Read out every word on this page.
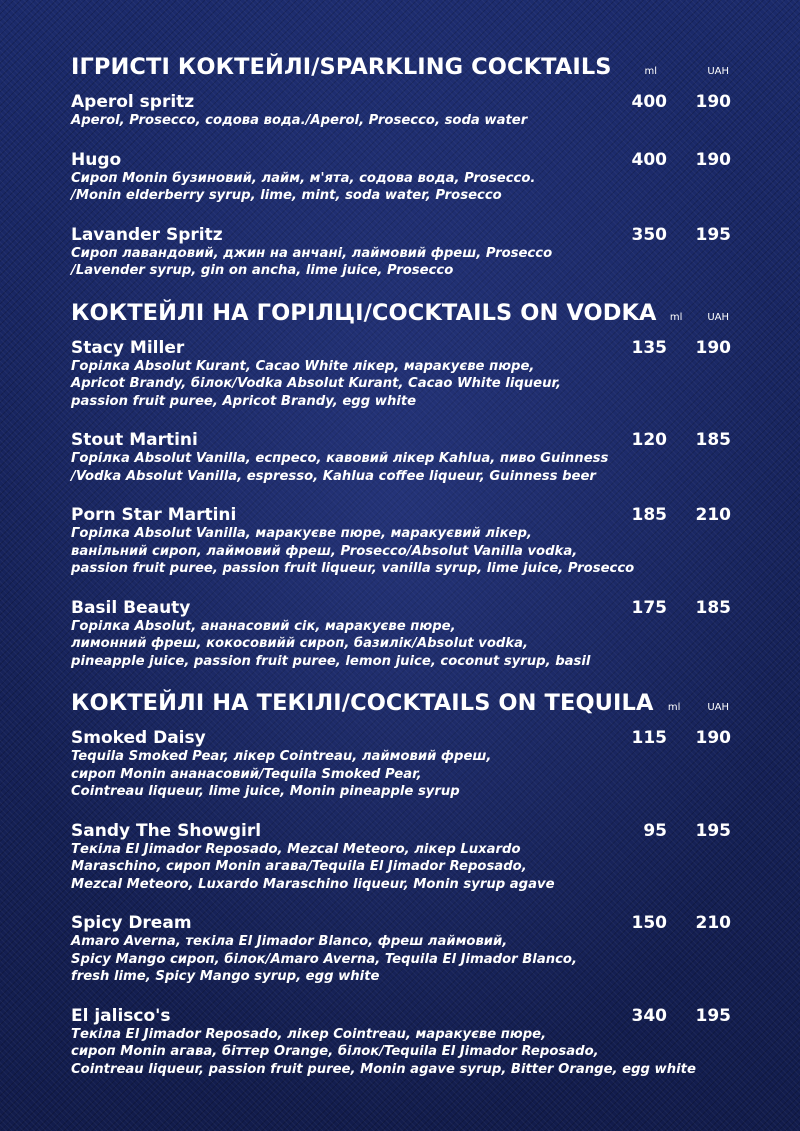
ІГРИСТІ КОКТЕЙЛІ/SPARKLING COCKTAILS	ml	UAH
Aperol spritz	400	190
Aperol, Prosecco, содова вода./Aperol, Prosecco, soda water
Hugo	400	190
Сироп Monin бузиновий, лайм, м'ята, содова вода, Prosecco.
/Monin elderberry syrup, lime, mint, soda water, Prosecco
Lavander Spritz	350	195
Сироп лавандовий, джин на анчані, лаймовий фреш, Prosecco
/Lavender syrup, gin on ancha, lime juice, Prosecco
КОКТЕЙЛІ НА ГОРІЛЦІ/COCKTAILS ON VODKA	ml	UAH
Stacy Miller	135	190
Горілка Absolut Kurant, Cacao White лікер, маракуєве пюре,
Apricot Brandy, білок/Vodka Absolut Kurant, Cacao White liqueur,
passion fruit puree, Apricot Brandy, egg white
Stout Martini	120	185
Горілка Absolut Vanilla, еспресо, кавовий лікер Kahlua, пиво Guinness
/Vodka Absolut Vanilla, espresso, Kahlua coffee liqueur, Guinness beer
Porn Star Martini	185	210
Горілка Absolut Vanilla, маракуєве пюре, маракуєвий лікер,
ванільний сироп, лаймовий фреш, Prosecco/Absolut Vanilla vodka,
passion fruit puree, passion fruit liqueur, vanilla syrup, lime juice, Prosecco
Basil Beauty	175	185
Горілка Absolut, ананасовий сік, маракуєве пюре,
лимонний фреш, кокосовийй сироп, базилік/Absolut vodka,
pineapple juice, passion fruit puree, lemon juice, coconut syrup, basil
КОКТЕЙЛІ НА ТЕКІЛІ/COCKTAILS ON TEQUILA	ml	UAH
Smoked Daisy	115	190
Tequila Smoked Pear, лікер Cointreau, лаймовий фреш,
сироп Monin ананасовий/Tequila Smoked Pear,
Cointreau liqueur, lime juice, Monin pineapple syrup
Sandy The Showgirl	95	195
Текіла El Jimador Reposado, Mezcal Meteoro, лікер Luxardo
Maraschino, сироп Monin агава/Tequila El Jimador Reposado,
Mezcal Meteoro, Luxardo Maraschino liqueur, Monin syrup agave
Spicy Dream	150	210
Amaro Averna, текіла El Jimador Blanco, фреш лаймовий,
Spicy Mango сироп, білок/Amaro Averna, Tequila El Jimador Blanco,
fresh lime, Spicy Mango syrup, egg white
El jalisco's	340	195
Текіла El Jimador Reposado, лікер Cointreau, маракуєве пюре,
сироп Monin агава, біттер Orange, білок/Tequila El Jimador Reposado,
Cointreau liqueur, passion fruit puree, Monin agave syrup, Bitter Orange, egg white
